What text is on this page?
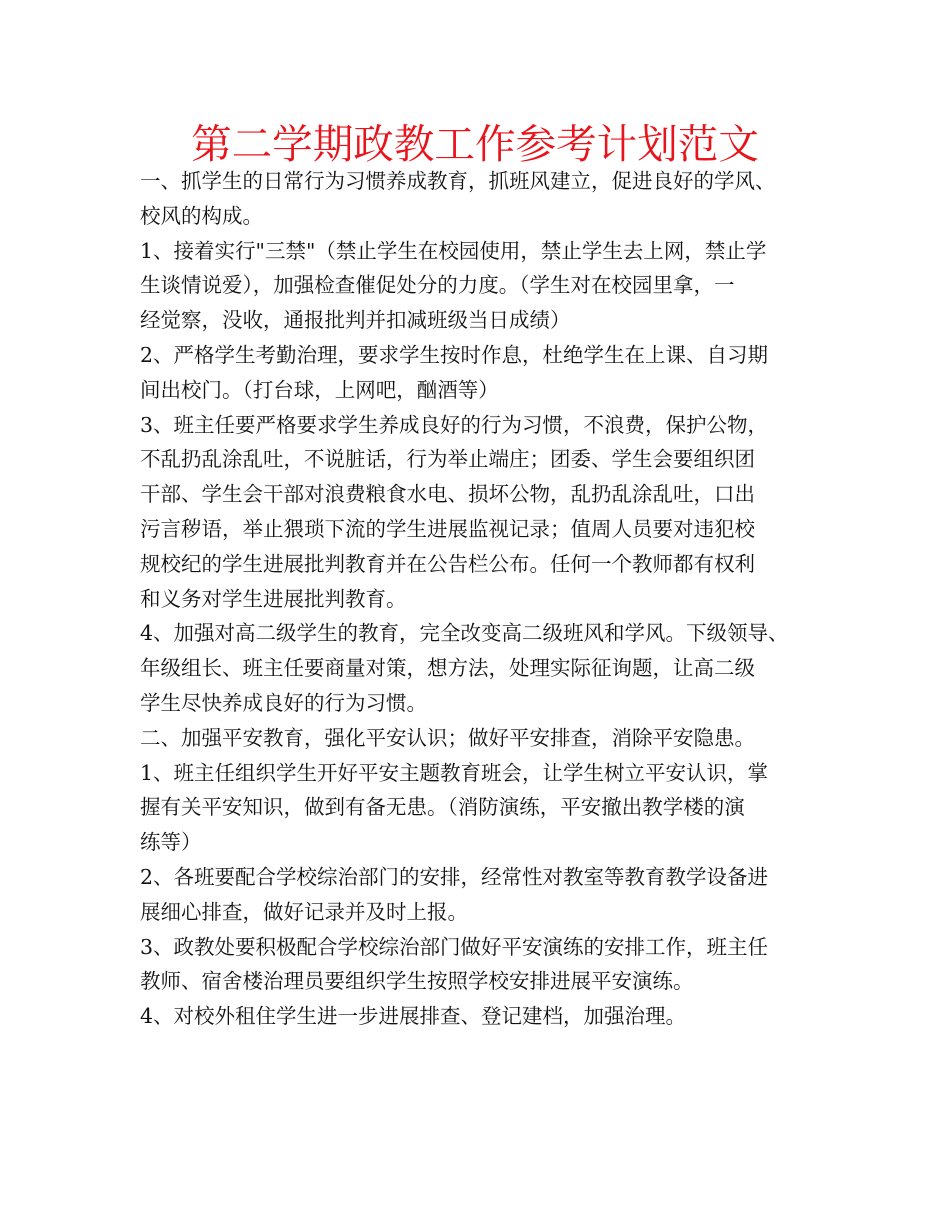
第二学期政教工作参考计划范文
一、抓学生的日常行为习惯养成教育，抓班风建立，促进良好的学风、
校风的构成。
1、接着实行"三禁"（禁止学生在校园使用，禁止学生去上网，禁止学
生谈情说爱），加强检查催促处分的力度。（学生对在校园里拿，一
经觉察，没收，通报批判并扣减班级当日成绩）
2、严格学生考勤治理，要求学生按时作息，杜绝学生在上课、自习期
间出校门。（打台球，上网吧，酗酒等）
3、班主任要严格要求学生养成良好的行为习惯，不浪费，保护公物，
不乱扔乱涂乱吐，不说脏话，行为举止端庄；团委、学生会要组织团
干部、学生会干部对浪费粮食水电、损坏公物，乱扔乱涂乱吐，口出
污言秽语，举止猥琐下流的学生进展监视记录；值周人员要对违犯校
规校纪的学生进展批判教育并在公告栏公布。任何一个教师都有权利
和义务对学生进展批判教育。
4、加强对高二级学生的教育，完全改变高二级班风和学风。下级领导、
年级组长、班主任要商量对策，想方法，处理实际征询题，让高二级
学生尽快养成良好的行为习惯。
二、加强平安教育，强化平安认识；做好平安排查，消除平安隐患。
1、班主任组织学生开好平安主题教育班会，让学生树立平安认识，掌
握有关平安知识，做到有备无患。（消防演练，平安撤出教学楼的演
练等）
2、各班要配合学校综治部门的安排，经常性对教室等教育教学设备进
展细心排查，做好记录并及时上报。
3、政教处要积极配合学校综治部门做好平安演练的安排工作，班主任
教师、宿舍楼治理员要组织学生按照学校安排进展平安演练。
4、对校外租住学生进一步进展排查、登记建档，加强治理。
